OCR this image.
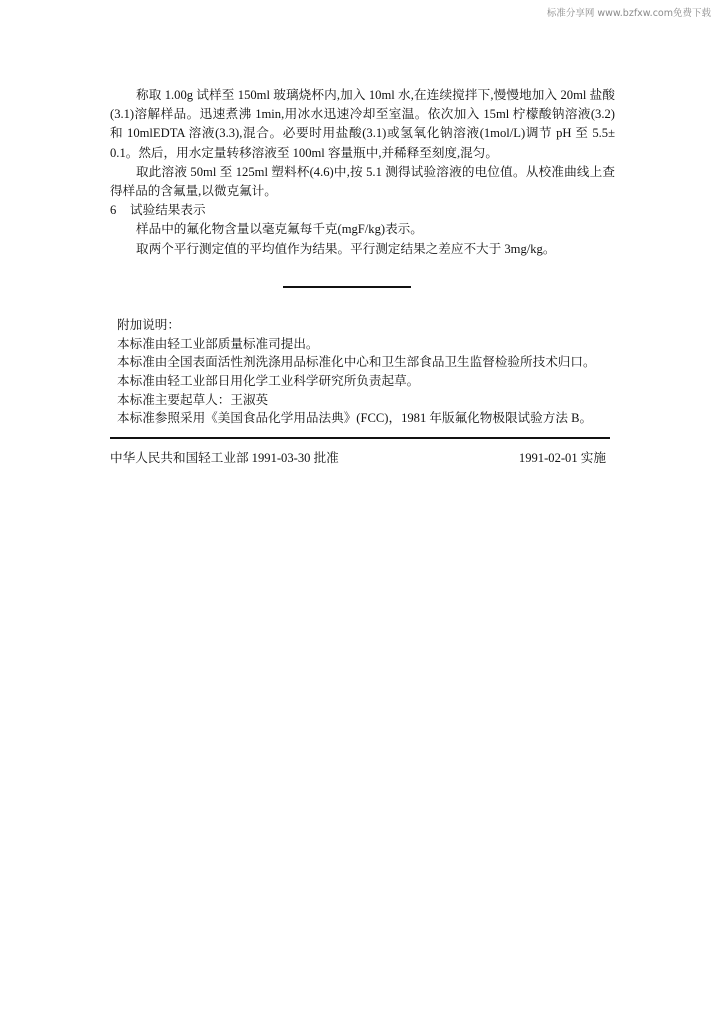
标准分享网 www.bzfxw.com免费下载
称取 1.00g 试样至 150ml 玻璃烧杯内,加入 10ml 水,在连续搅拌下,慢慢地加入 20ml 盐酸
(3.1)溶解样品。迅速煮沸 1min,用冰水迅速冷却至室温。依次加入 15ml 柠檬酸钠溶液(3.2)
和 10mlEDTA 溶液(3.3),混合。必要时用盐酸(3.1)或氢氧化钠溶液(1mol/L)调节 pH 至 5.5±
0.1。然后，用水定量转移溶液至 100ml 容量瓶中,并稀释至刻度,混匀。
取此溶液 50ml 至 125ml 塑料杯(4.6)中,按 5.1 测得试验溶液的电位值。从校准曲线上查
得样品的含氟量,以微克氟计。
6 试验结果表示
样品中的氟化物含量以毫克氟每千克(mgF/kg)表示。
取两个平行测定值的平均值作为结果。平行测定结果之差应不大于 3mg/kg。
附加说明：
本标准由轻工业部质量标准司提出。
本标准由全国表面活性剂洗涤用品标准化中心和卫生部食品卫生监督检验所技术归口。
本标准由轻工业部日用化学工业科学研究所负责起草。
本标准主要起草人：王淑英
本标准参照采用《美国食品化学用品法典》(FCC)，1981 年版氟化物极限试验方法 B。
中华人民共和国轻工业部 1991-03-30 批准	1991-02-01 实施
